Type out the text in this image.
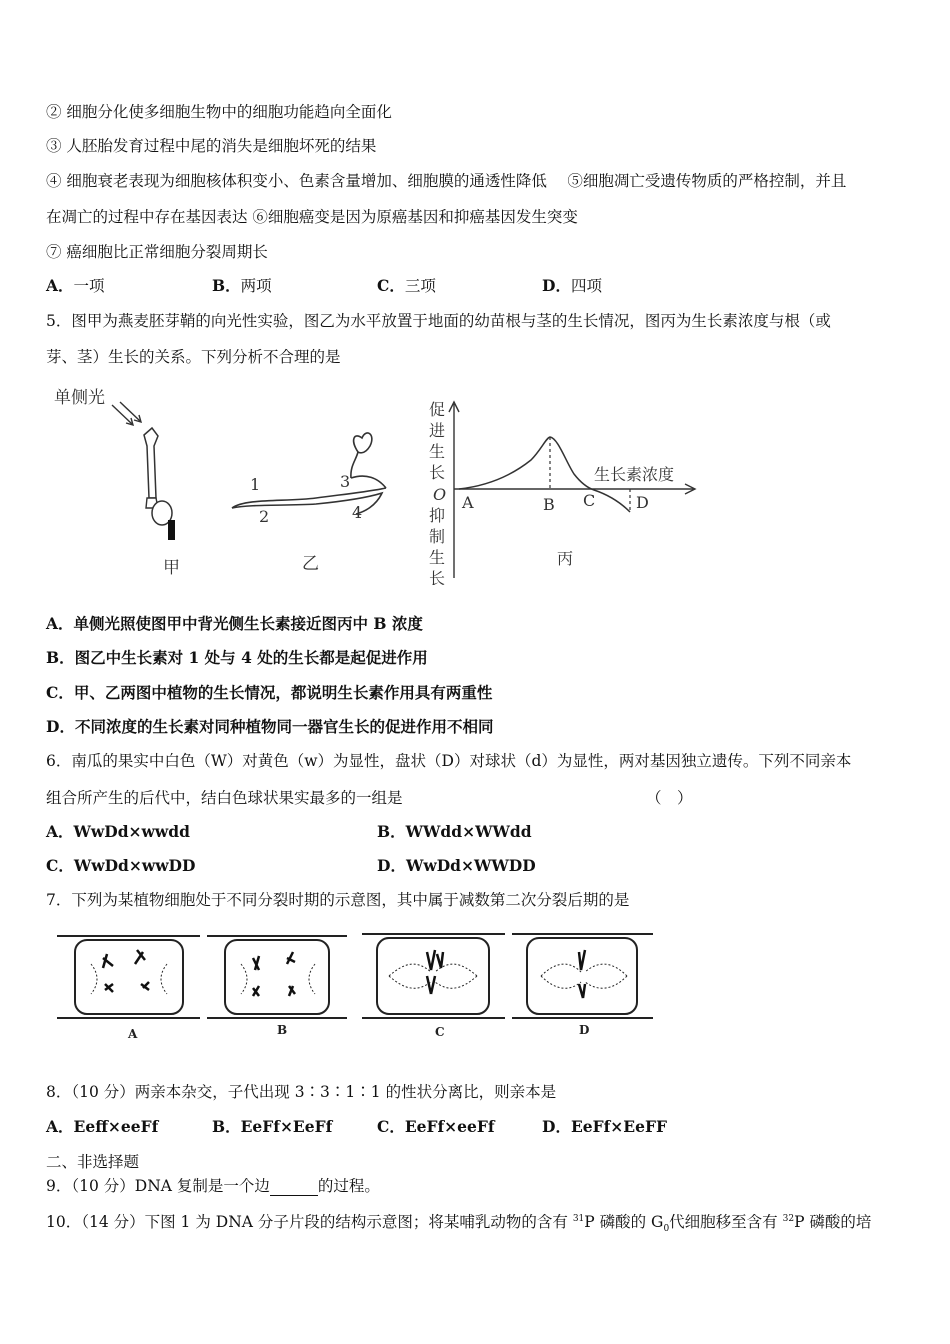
② 细胞分化使多细胞生物中的细胞功能趋向全面化
③ 人胚胎发育过程中尾的消失是细胞坏死的结果
④ 细胞衰老表现为细胞核体积变小、色素含量增加、细胞膜的通透性降低　 ⑤细胞凋亡受遗传物质的严格控制，并且
在凋亡的过程中存在基因表达 ⑥细胞癌变是因为原癌基因和抑癌基因发生突变
⑦ 癌细胞比正常细胞分裂周期长
A．一项	B．两项	C．三项	D．四项
5．图甲为燕麦胚芽鞘的向光性实验，图乙为水平放置于地面的幼苗根与茎的生长情况，图丙为生长素浓度与根（或
芽、茎）生长的关系。下列分析不合理的是
单侧光
甲
1
2
3
4
乙
促
进
生
长
O
抑
制
生
长
生长素浓度
A	B C	D
丙
A．单侧光照使图甲中背光侧生长素接近图丙中 B 浓度
B．图乙中生长素对 1 处与 4 处的生长都是起促进作用
C．甲、乙两图中植物的生长情况，都说明生长素作用具有两重性
D．不同浓度的生长素对同种植物同一器官生长的促进作用不相同
6．南瓜的果实中白色（W）对黄色（w）为显性，盘状（D）对球状（d）为显性，两对基因独立遗传。下列不同亲本
组合所产生的后代中，结白色球状果实最多的一组是	（　）
A．WwDd×wwdd	B．WWdd×WWdd
C．WwDd×wwDD	D．WwDd×WWDD
7．下列为某植物细胞处于不同分裂时期的示意图，其中属于减数第二次分裂后期的是
A	B	C	D
8．（10 分）两亲本杂交，子代出现 3∶3∶1∶1 的性状分离比，则亲本是
A．Eeff×eeFf	B．EeFf×EeFf	C．EeFf×eeFf	D．EeFf×EeFF
二、非选择题
9．（10 分）DNA 复制是一个边	的过程。
10．（14 分）下图 1 为 DNA 分子片段的结构示意图；将某哺乳动物的含有 $^{31}$P 磷酸的 $G_0$代细胞移至含有 $^{32}$P 磷酸的培
